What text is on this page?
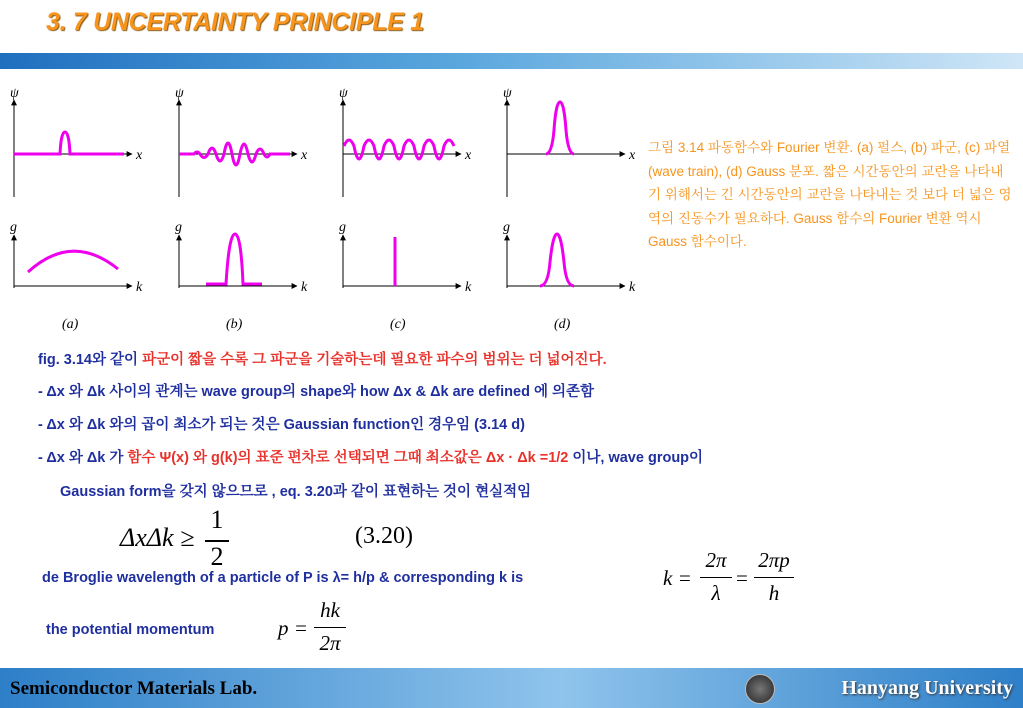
3. 7 UNCERTAINTY PRINCIPLE 1
ψ
x
g
k
(a)
ψ
x
g
k
(b)
ψ
x
g
k
(c)
ψ
x
g
k
(d)
그림 3.14 파동함수와 Fourier 변환. (a) 펄스, (b) 파군, (c) 파열(wave train), (d) Gauss 분포. 짧은 시간동안의 교란을 나타내기 위해서는 긴 시간동안의 교란을 나타내는 것 보다 더 넓은 영역의 진동수가 필요하다. Gauss 함수의 Fourier 변환 역시 Gauss 함수이다.
fig. 3.14와 같이 파군이 짧을 수록 그 파군을 기술하는데 필요한 파수의 범위는 더 넓어진다.
- Δx 와 Δk 사이의 관계는 wave group의 shape와 how Δx & Δk are defined 에 의존함
- Δx 와 Δk 와의 곱이 최소가 되는 것은 Gaussian function인 경우임 (3.14 d)
- Δx 와 Δk 가 함수 Ψ(x) 와 g(k)의 표준 편차로 선택되면 그때 최소값은 Δx · Δk =1/2 이나, wave group이
Gaussian form을 갖지 않으므로 , eq. 3.20과 같이 표현하는 것이 현실적임
ΔxΔk ≥
1
2
(3.20)
de Broglie wavelength of a particle of P is λ= h/p & corresponding k is	k =
2π
λ
=
2πp
h
the potential momentum	p =
hk
2π
Semiconductor Materials Lab.	Hanyang University
